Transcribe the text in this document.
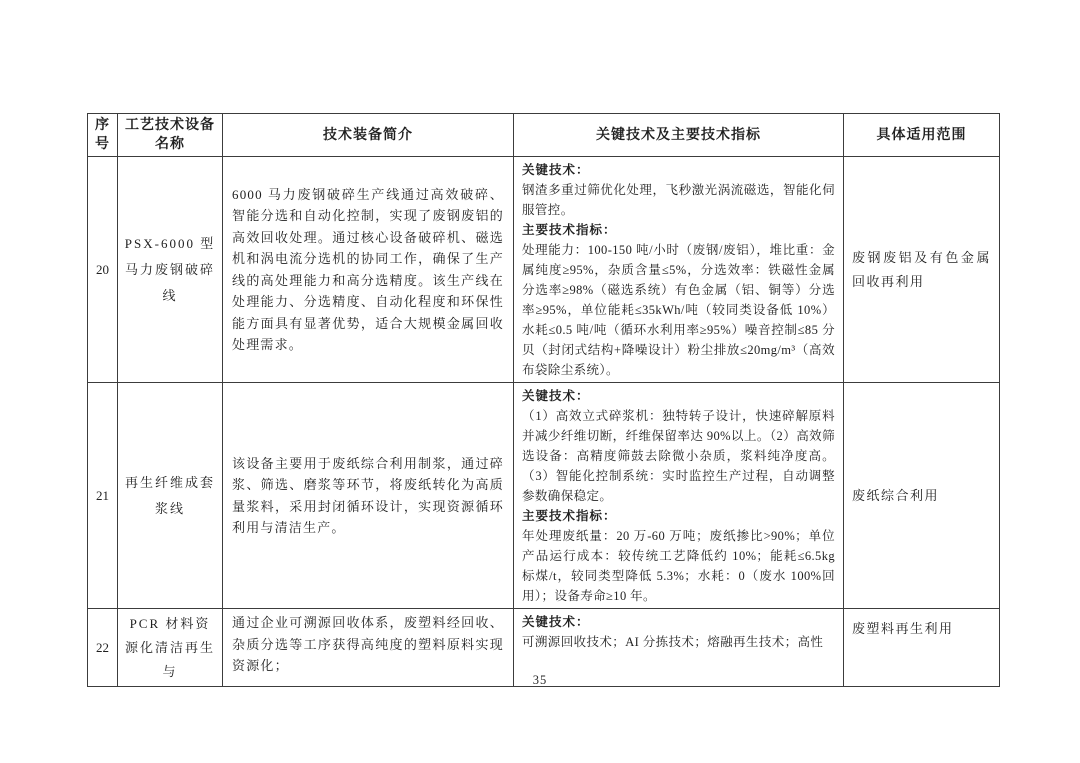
序号	工艺技术设备名称	技术装备简介	关键技术及主要技术指标	具体适用范围
20	PSX-6000 型马力废钢破碎线	6000 马力废钢破碎生产线通过高效破碎、智能分选和自动化控制，实现了废钢废铝的高效回收处理。通过核心设备破碎机、磁选机和涡电流分选机的协同工作，确保了生产线的高处理能力和高分选精度。该生产线在处理能力、分选精度、自动化程度和环保性能方面具有显著优势，适合大规模金属回收处理需求。	关键技术：
钢渣多重过筛优化处理，飞秒激光涡流磁选，智能化伺服管控。
主要技术指标：
处理能力：100-150 吨/小时（废钢/废铝），堆比重：金属纯度≥95%，杂质含量≤5%，分选效率：铁磁性金属分选率≥98%（磁选系统）有色金属（铝、铜等）分选率≥95%，单位能耗≤35kWh/吨（较同类设备低 10%）水耗≤0.5 吨/吨（循环水利用率≥95%）噪音控制≤85 分贝（封闭式结构+降噪设计）粉尘排放≤20mg/m³（高效布袋除尘系统）。	废钢废铝及有色金属回收再利用
21	再生纤维成套浆线	该设备主要用于废纸综合利用制浆，通过碎浆、筛选、磨浆等环节，将废纸转化为高质量浆料，采用封闭循环设计，实现资源循环利用与清洁生产。	关键技术：
（1）高效立式碎浆机：独特转子设计，快速碎解原料并减少纤维切断，纤维保留率达 90%以上。（2）高效筛选设备：高精度筛鼓去除微小杂质，浆料纯净度高。（3）智能化控制系统：实时监控生产过程，自动调整参数确保稳定。
主要技术指标：
年处理废纸量：20 万-60 万吨；废纸掺比>90%；单位产品运行成本：较传统工艺降低约 10%；能耗≤6.5kg 标煤/t，较同类型降低 5.3%；水耗：0（废水 100%回用）；设备寿命≥10 年。	废纸综合利用
22	PCR 材料资源化清洁再生与	通过企业可溯源回收体系，废塑料经回收、杂质分选等工序获得高纯度的塑料原料实现资源化；	关键技术：
可溯源回收技术；AI 分拣技术；熔融再生技术；高性	废塑料再生利用
35
